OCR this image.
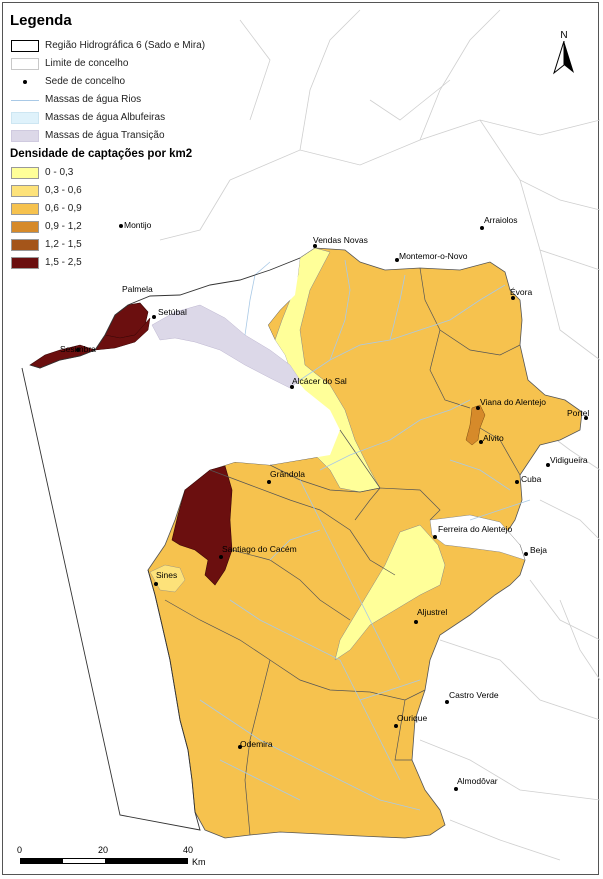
Legenda
Região Hidrográfica 6 (Sado e Mira)
Limite de concelho
Sede de concelho
Massas de água Rios
Massas de água Albufeiras
Massas de água Transição
Densidade de captações por km2
0 - 0,3
0,3 - 0,6
0,6 - 0,9
0,9 - 1,2
1,2 - 1,5
1,5 - 2,5
N
Montijo
Palmela
Setúbal
Sesimbra
Vendas Novas
Montemor-o-Novo
Arraiolos
Évora
Alcácer do Sal
Viana do Alentejo
Portel
Alvito
Vidigueira
Cuba
Grândola
Ferreira do Alentejo
Beja
Santiago do Cacém
Sines
Aljustrel
Castro Verde
Ourique
Odemira
Almodôvar
0	20	40
Km
